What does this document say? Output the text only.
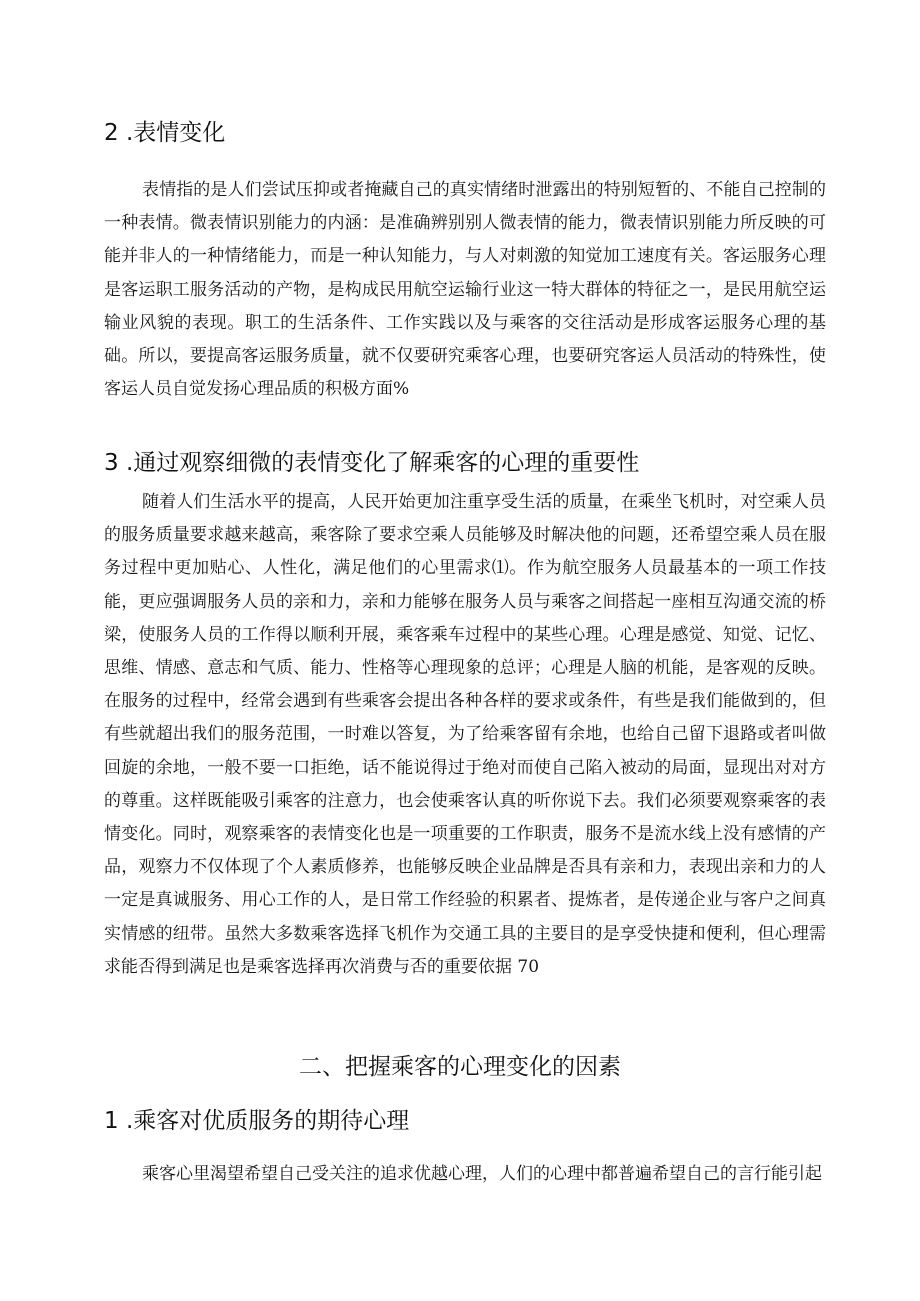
2 .表情变化

表情指的是人们尝试压抑或者掩藏自己的真实情绪时泄露出的特别短暂的、不能自己控制的一种表情。微表情识别能力的内涵：是准确辨别别人微表情的能力，微表情识别能力所反映的可能并非人的一种情绪能力，而是一种认知能力，与人对刺激的知觉加工速度有关。客运服务心理是客运职工服务活动的产物，是构成民用航空运输行业这一特大群体的特征之一，是民用航空运输业风貌的表现。职工的生活条件、工作实践以及与乘客的交往活动是形成客运服务心理的基础。所以，要提高客运服务质量，就不仅要研究乘客心理，也要研究客运人员活动的特殊性，使客运人员自觉发扬心理品质的积极方面%

3 .通过观察细微的表情变化了解乘客的心理的重要性

随着人们生活水平的提高，人民开始更加注重享受生活的质量，在乘坐飞机时，对空乘人员的服务质量要求越来越高，乘客除了要求空乘人员能够及时解决他的问题，还希望空乘人员在服务过程中更加贴心、人性化，满足他们的心里需求⑴。作为航空服务人员最基本的一项工作技能，更应强调服务人员的亲和力，亲和力能够在服务人员与乘客之间搭起一座相互沟通交流的桥梁，使服务人员的工作得以顺利开展，乘客乘车过程中的某些心理。心理是感觉、知觉、记忆、思维、情感、意志和气质、能力、性格等心理现象的总评；心理是人脑的机能，是客观的反映。在服务的过程中，经常会遇到有些乘客会提出各种各样的要求或条件，有些是我们能做到的，但有些就超出我们的服务范围，一时难以答复，为了给乘客留有余地，也给自己留下退路或者叫做回旋的余地，一般不要一口拒绝，话不能说得过于绝对而使自己陷入被动的局面，显现出对对方的尊重。这样既能吸引乘客的注意力，也会使乘客认真的听你说下去。我们必须要观察乘客的表情变化。同时，观察乘客的表情变化也是一项重要的工作职责，服务不是流水线上没有感情的产品，观察力不仅体现了个人素质修养，也能够反映企业品牌是否具有亲和力，表现出亲和力的人一定是真诚服务、用心工作的人，是日常工作经验的积累者、提炼者，是传递企业与客户之间真实情感的纽带。虽然大多数乘客选择飞机作为交通工具的主要目的是享受快捷和便利，但心理需求能否得到满足也是乘客选择再次消费与否的重要依据 70

二、把握乘客的心理变化的因素
1 .乘客对优质服务的期待心理

乘客心里渴望希望自己受关注的追求优越心理，人们的心理中都普遍希望自己的言行能引起
